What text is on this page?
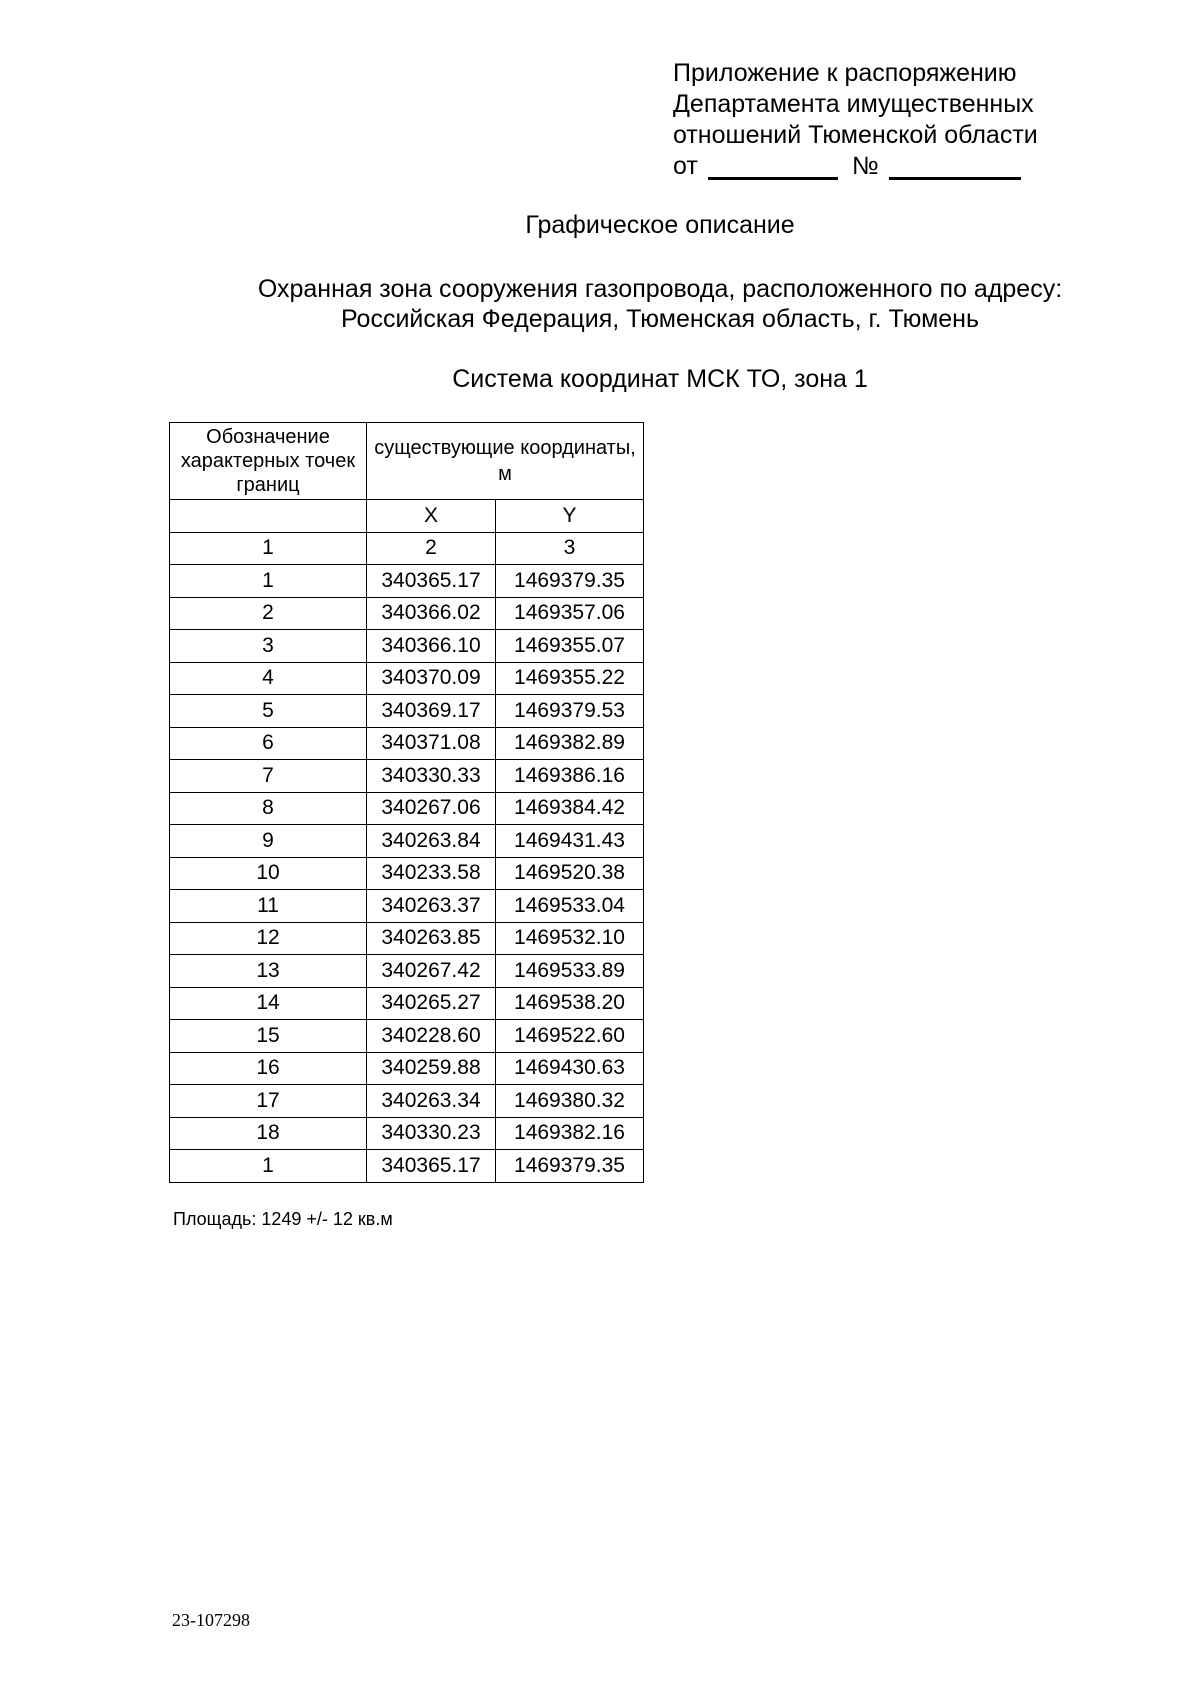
Приложение к распоряжению
Департамента имущественных
отношений Тюменской области
от	№
Графическое описание
Охранная зона сооружения газопровода, расположенного по адресу:
Российская Федерация, Тюменская область, г. Тюмень
Система координат МСК ТО, зона 1
Обозначение характерных точек границ	существующие координаты, м	

	X	Y
1	2	3
1	340365.17	1469379.35
2	340366.02	1469357.06
3	340366.10	1469355.07
4	340370.09	1469355.22
5	340369.17	1469379.53
6	340371.08	1469382.89
7	340330.33	1469386.16
8	340267.06	1469384.42
9	340263.84	1469431.43
10	340233.58	1469520.38
11	340263.37	1469533.04
12	340263.85	1469532.10
13	340267.42	1469533.89
14	340265.27	1469538.20
15	340228.60	1469522.60
16	340259.88	1469430.63
17	340263.34	1469380.32
18	340330.23	1469382.16
1	340365.17	1469379.35
Площадь: 1249 +/- 12 кв.м
23-107298
